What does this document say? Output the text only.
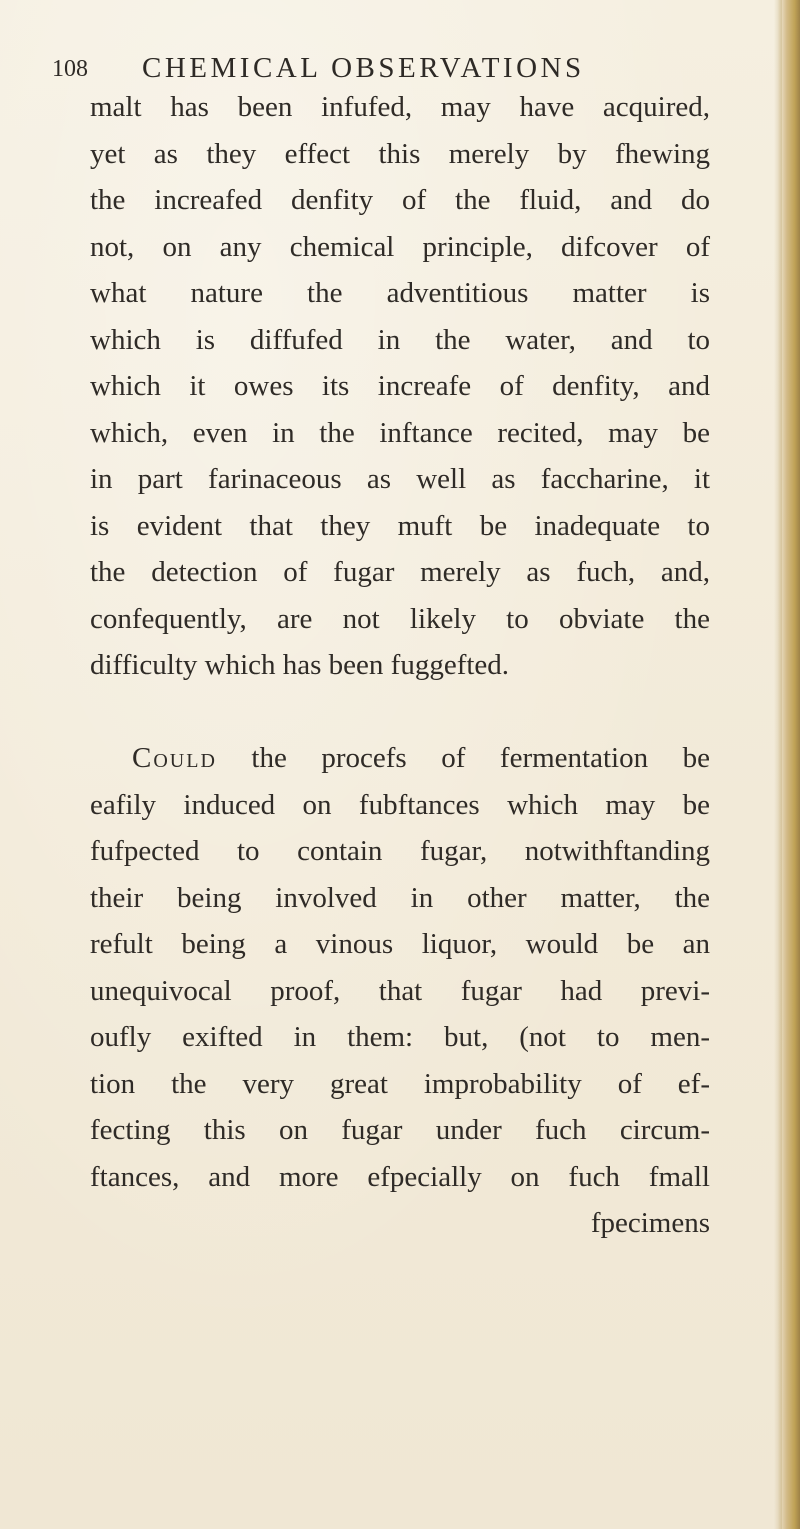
108 CHEMICAL OBSERVATIONS
malt has been infufed, may have acquired,
yet as they effect this merely by fhewing
the increafed denfity of the fluid, and do
not, on any chemical principle, difcover of
what nature the adventitious matter is
which is diffufed in the water, and to
which it owes its increafe of denfity, and
which, even in the inftance recited, may be
in part farinaceous as well as faccharine, it
is evident that they muft be inadequate to
the detection of fugar merely as fuch, and,
confequently, are not likely to obviate the
difficulty which has been fuggefted.
Could the procefs of fermentation be
eafily induced on fubftances which may be
fufpected to contain fugar, notwithftanding
their being involved in other matter, the
refult being a vinous liquor, would be an
unequivocal proof, that fugar had previ-
oufly exifted in them: but, (not to men-
tion the very great improbability of ef-
fecting this on fugar under fuch circum-
ftances, and more efpecially on fuch fmall
fpecimens
